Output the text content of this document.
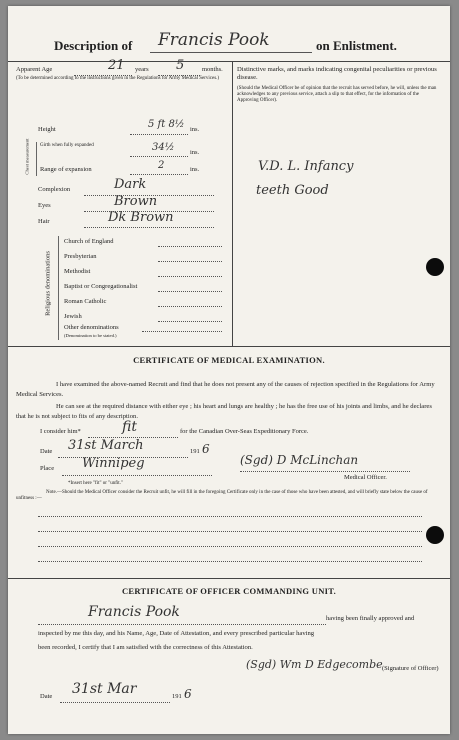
Description of Francis Pook	on Enlistment.
Apparent Age	21 years 5	months.
(To be determined according to the instructions given in the Regulations for Army Medical Services.)
Distinctive marks, and marks indicating congenital peculiarities or previous disease.
(Should the Medical Officer be of opinion that the recruit has served before, he will, unless the man acknowledges to any previous service, attach a slip to that effect, for the information of the Approving Officer).
V.D. L. Infancy
teeth Good
Height	5 ft 8½ ins.
Chest measurement Girth when fully expanded	34½ ins.
Range of expansion	2	ins.
Complexion	Dark
Eyes	Brown
Hair	Dk Brown
Religious denominations
Other denominations
(Denomination to be stated.)
CERTIFICATE OF MEDICAL EXAMINATION.
I have examined the above-named Recruit and find that he does not present any of the causes of rejection specified in the Regulations for Army Medical Services.
He can see at the required distance with either eye ; his heart and lungs are healthy ; he has the free use of his joints and limbs, and he declares that he is not subject to fits of any description.
I consider him*	fit	for the Canadian Over-Seas Expeditionary Force.
Date 31st March	191 6
Place Winnipeg	(Sgd) D McLinchan
Medical Officer.
*Insert here "fit" or "unfit."
Note.—Should the Medical Officer consider the Recruit unfit, he will fill in the foregoing Certificate only in the case of those who have been attested, and will briefly state below the cause of unfitness :—
CERTIFICATE OF OFFICER COMMANDING UNIT.
Francis Pook	having been finally approved and
inspected by me this day, and his Name, Age, Date of Attestation, and every prescribed particular having
been recorded, I certify that I am satisfied with the correctness of this Attestation.
(Sgd) Wm D Edgecombe (Signature of Officer)
Date 31st Mar	191 6
Church of England
Presbyterian
Methodist
Baptist or Congregationalist
Roman Catholic
Jewish
